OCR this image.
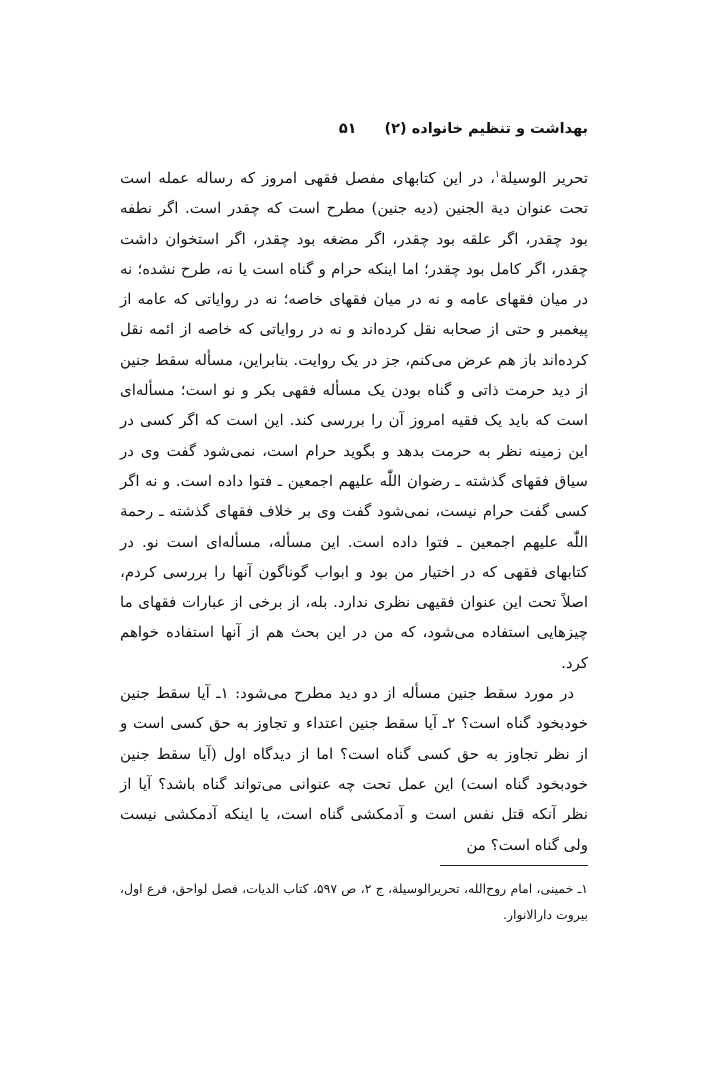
بهداشت و تنظیم خانواده (۲)
۵۱

تحریر الوسیلة$^۱$، در این کتابهای مفصل فقهی امروز که رساله عمله است تحت عنوان دیة الجنین (دیه جنین) مطرح است که چقدر است. اگر نطفه بود چقدر، اگر علقه بود چقدر، اگر مضغه بود چقدر، اگر استخوان داشت چقدر، اگر کامل بود چقدر؛ اما اینکه حرام و گناه است یا نه، طرح نشده؛ نه در میان فقهای عامه و نه در میان فقهای خاصه؛ نه در روایاتی که عامه از پیغمبر و حتی از صحابه نقل کرده‌اند و نه در روایاتی که خاصه از ائمه نقل کرده‌اند باز هم عرض می‌کنم، جز در یک روایت. بنابراین، مسأله سقط جنین از دید حرمت ذاتی و گناه بودن یک مسأله فقهی بکر و نو است؛ مسأله‌ای است که باید یک فقیه امروز آن را بررسی کند. این است که اگر کسی در این زمینه نظر به حرمت بدهد و بگوید حرام است، نمی‌شود گفت وی در سیاق فقهای گذشته ـ رضوان اللّٰه علیهم اجمعین ـ فتوا داده است. و نه اگر کسی گفت حرام نیست، نمی‌شود گفت وی بر خلاف فقهای گذشته ـ رحمة اللّٰه علیهم اجمعین ـ فتوا داده است. این مسأله، مسأله‌ای است نو. در کتابهای فقهی که در اختیار من بود و ابواب گوناگون آنها را بررسی کردم، اصلاً تحت این عنوان فقیهی نظری ندارد. بله، از برخی از عبارات فقهای ما چیزهایی استفاده می‌شود، که من در این بحث هم از آنها استفاده خواهم کرد.

در مورد سقط جنین مسأله از دو دید مطرح می‌شود: ۱ـ آیا سقط جنین خودبخود گناه است؟ ۲ـ آیا سقط جنین اعتداء و تجاوز به حق کسی است و از نظر تجاوز به حق کسی گناه است؟ اما از دیدگاه اول (آیا سقط جنین خودبخود گناه است) این عمل تحت چه عنوانی می‌تواند گناه باشد؟ آیا از نظر آنکه قتل نفس است و آدمکشی گناه است، یا اینکه آدمکشی نیست ولی گناه است؟ من

۱ـ خمینی، امام روح‌الله، تحریرالوسیلة، ج ۲، ص ۵۹۷، کتاب الدیات، فصل لواحق، فرع اول، بیروت دارالانوار.
